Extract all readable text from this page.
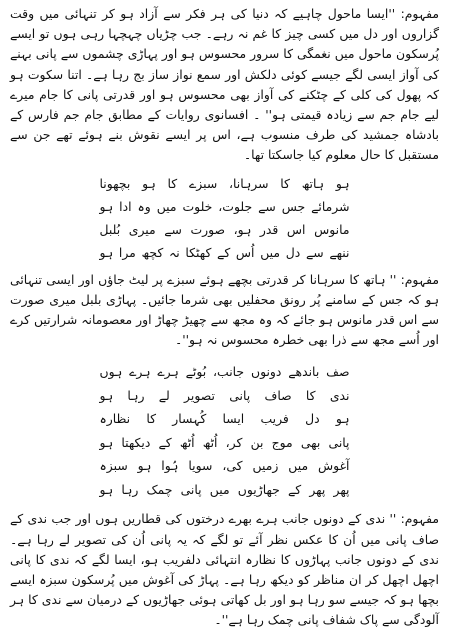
مفہوم: ''ایسا ماحول چاہیے کہ دنیا کی ہر فکر سے آزاد ہو کر تنہائی میں وقت گزاروں اور دل میں کسی چیز کا غم نہ رہے۔ جب چڑیاں چہچہا رہی ہوں تو ایسے پُرسکون ماحول میں نغمگی کا سرور محسوس ہو اور پہاڑی چشموں سے پانی بہنے کی آواز ایسی لگے جیسے کوئی دلکش اور سمع نواز ساز بج رہا ہے۔ اتنا سکوت ہو کہ پھول کی کلی کے چٹکنے کی آواز بھی محسوس ہو اور قدرتی پانی کا جام میرے لیے جام جم سے زیادہ قیمتی ہو'' ۔ افسانوی روایات کے مطابق جام جم فارس کے بادشاہ جمشید کی طرف منسوب ہے، اس پر ایسے نقوش بنے ہوئے تھے جن سے مستقبل کا حال معلوم کیا جاسکتا تھا۔

ہو ہاتھ کا سرہانا، سبزے کا ہو بچھونا
شرمائے جس سے جلوت، خلوت میں وہ ادا ہو
مانوس اس قدر ہو، صورت سے میری بُلبل
ننھے سے دل میں اُس کے کھٹکا نہ کچھ مرا ہو

مفہوم: '' ہاتھ کا سرہانا کر قدرتی بچھے ہوئے سبزے پر لیٹ جاؤں اور ایسی تنہائی ہو کہ جس کے سامنے پُر رونق محفلیں بھی شرما جائیں۔ پہاڑی بلبل میری صورت سے اس قدر مانوس ہو جائے کہ وہ مجھ سے چھیڑ چھاڑ اور معصومانہ شرارتیں کرے اور اُسے مجھ سے ذرا بھی خطرہ محسوس نہ ہو''۔

صف باندھے دونوں جانب، بُوٹے ہرے ہرے ہوں
ندی کا صاف پانی تصویر لے رہا ہو
ہو دل فریب ایسا کُہسار کا نظارہ
پانی بھی موج بن کر، اُٹھ اُٹھ کے دیکھتا ہو
آغوش میں زمیں کی، سویا ہُوا ہو سبزہ
پھر پھر کے جھاڑیوں میں پانی چمک رہا ہو

مفہوم: '' ندی کے دونوں جانب ہرے بھرے درختوں کی قطاریں ہوں اور جب ندی کے صاف پانی میں اُن کا عکس نظر آئے تو لگے کہ یہ پانی اُن کی تصویر لے رہا ہے۔ ندی کے دونوں جانب پہاڑوں کا نظارہ انتہائی دلفریب ہو، ایسا لگے کہ ندی کا پانی اچھل اچھل کر ان مناظر کو دیکھ رہا ہے۔ پہاڑ کی آغوش میں پُرسکون سبزہ ایسے بچھا ہو کہ جیسے سو رہا ہو اور بل کھاتی ہوئی جھاڑیوں کے درمیان سے ندی کا ہر آلودگی سے پاک شفاف پانی چمک رہا ہے''۔
